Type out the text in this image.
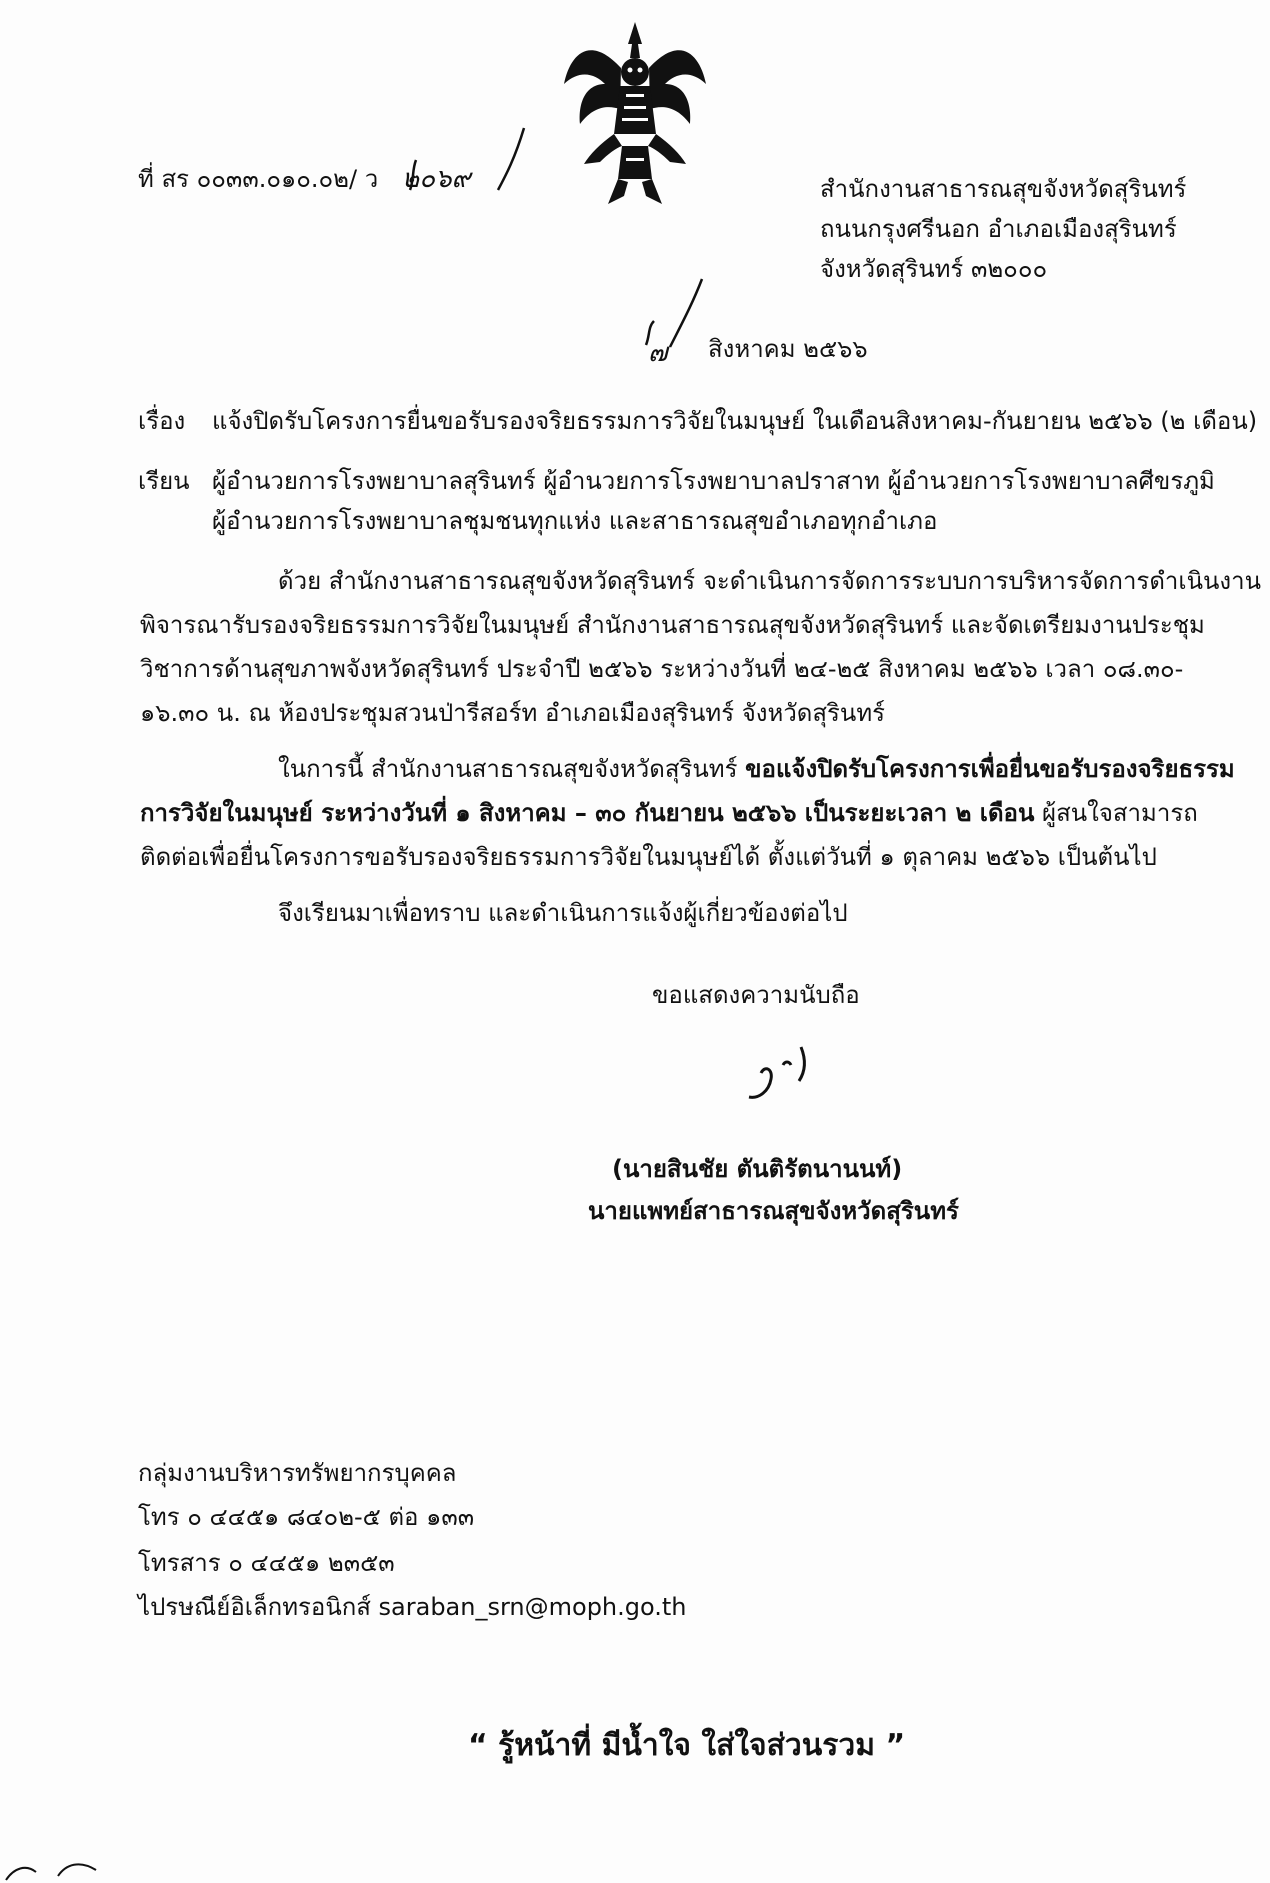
ที่ สร ๐๐๓๓.๐๑๐.๐๒/ ว ๒๐๖๙	สำนักงานสาธารณสุขจังหวัดสุรินทร์
ถนนกรุงศรีนอก อำเภอเมืองสุรินทร์
จังหวัดสุรินทร์ ๓๒๐๐๐
๗ สิงหาคม ๒๕๖๖
เรื่อง แจ้งปิดรับโครงการยื่นขอรับรองจริยธรรมการวิจัยในมนุษย์ ในเดือนสิงหาคม-กันยายน ๒๕๖๖ (๒ เดือน)
เรียน ผู้อำนวยการโรงพยาบาลสุรินทร์ ผู้อำนวยการโรงพยาบาลปราสาท ผู้อำนวยการโรงพยาบาลศีขรภูมิ
ผู้อำนวยการโรงพยาบาลชุมชนทุกแห่ง และสาธารณสุขอำเภอทุกอำเภอ
ด้วย สำนักงานสาธารณสุขจังหวัดสุรินทร์ จะดำเนินการจัดการระบบการบริหารจัดการดำเนินงาน
พิจารณารับรองจริยธรรมการวิจัยในมนุษย์ สำนักงานสาธารณสุขจังหวัดสุรินทร์ และจัดเตรียมงานประชุม
วิชาการด้านสุขภาพจังหวัดสุรินทร์ ประจำปี ๒๕๖๖ ระหว่างวันที่ ๒๔-๒๕ สิงหาคม ๒๕๖๖ เวลา ๐๘.๓๐-
๑๖.๓๐ น. ณ ห้องประชุมสวนป่ารีสอร์ท อำเภอเมืองสุรินทร์ จังหวัดสุรินทร์
ในการนี้ สำนักงานสาธารณสุขจังหวัดสุรินทร์ ขอแจ้งปิดรับโครงการเพื่อยื่นขอรับรองจริยธรรม
การวิจัยในมนุษย์ ระหว่างวันที่ ๑ สิงหาคม – ๓๐ กันยายน ๒๕๖๖ เป็นระยะเวลา ๒ เดือน ผู้สนใจสามารถ
ติดต่อเพื่อยื่นโครงการขอรับรองจริยธรรมการวิจัยในมนุษย์ได้ ตั้งแต่วันที่ ๑ ตุลาคม ๒๕๖๖ เป็นต้นไป
จึงเรียนมาเพื่อทราบ และดำเนินการแจ้งผู้เกี่ยวข้องต่อไป
ขอแสดงความนับถือ
(นายสินชัย ตันติรัตนานนท์)
นายแพทย์สาธารณสุขจังหวัดสุรินทร์
กลุ่มงานบริหารทรัพยากรบุคคล
โทร ๐ ๔๔๕๑ ๘๔๐๒-๕ ต่อ ๑๓๓
โทรสาร ๐ ๔๔๕๑ ๒๓๕๓
ไปรษณีย์อิเล็กทรอนิกส์ saraban_srn@moph.go.th
“ รู้หน้าที่ มีน้ำใจ ใส่ใจส่วนรวม ”
